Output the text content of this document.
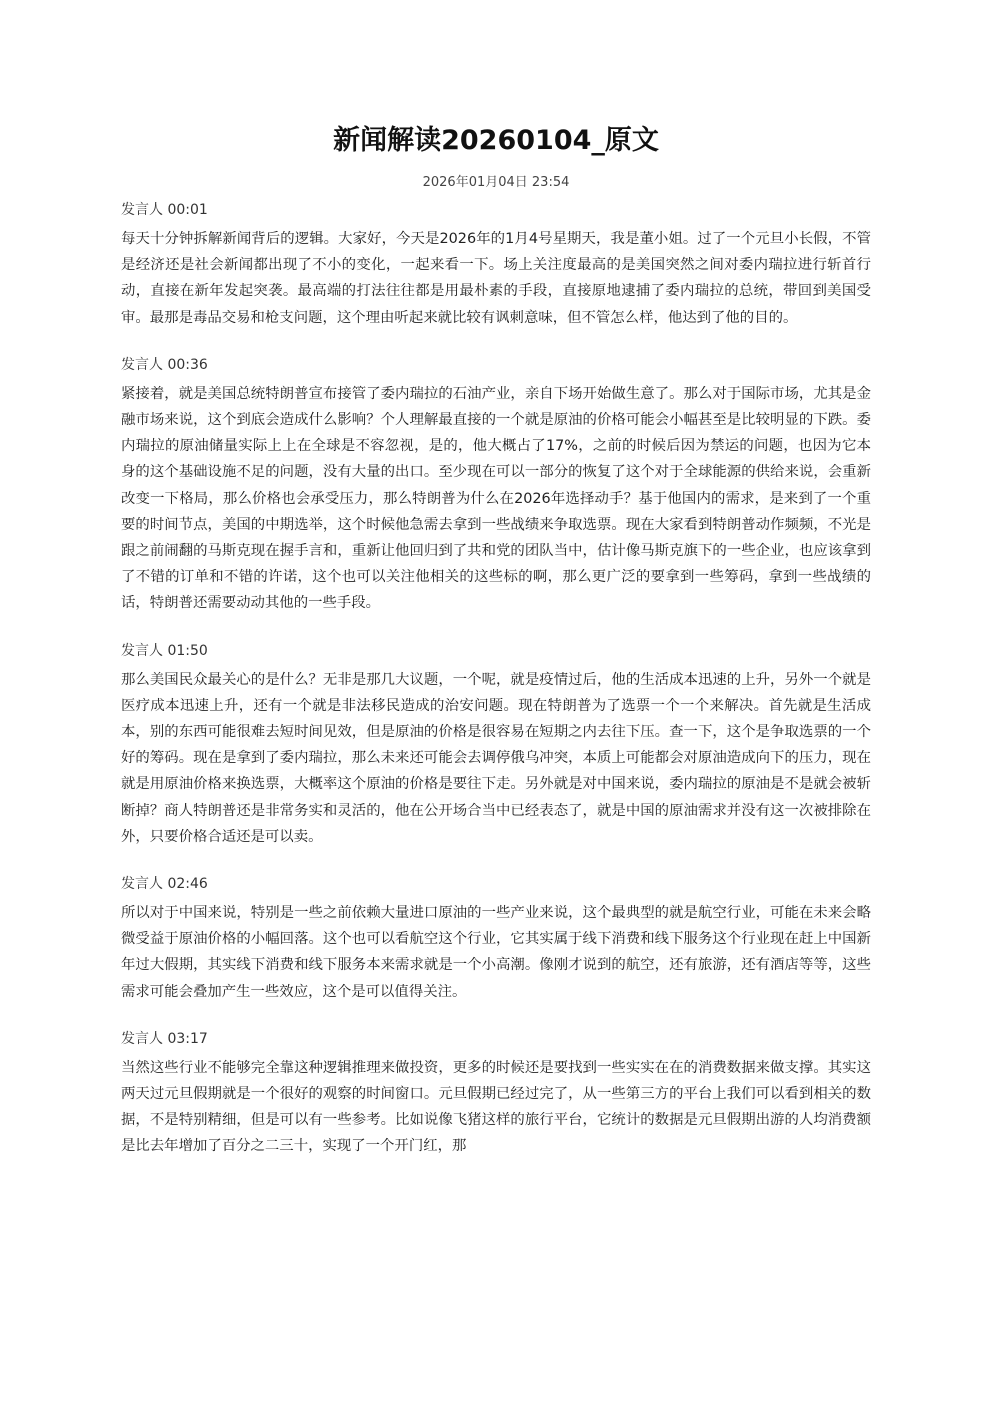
新闻解读20260104_原文
2026年01月04日 23:54
发言人 00:01

每天十分钟拆解新闻背后的逻辑。大家好，今天是2026年的1月4号星期天，我是董小姐。过了一个元旦小长假，不管是经济还是社会新闻都出现了不小的变化，一起来看一下。场上关注度最高的是美国突然之间对委内瑞拉进行斩首行动，直接在新年发起突袭。最高端的打法往往都是用最朴素的手段，直接原地逮捕了委内瑞拉的总统，带回到美国受审。最那是毒品交易和枪支问题，这个理由听起来就比较有讽刺意味，但不管怎么样，他达到了他的目的。

发言人 00:36

紧接着，就是美国总统特朗普宣布接管了委内瑞拉的石油产业，亲自下场开始做生意了。那么对于国际市场，尤其是金融市场来说，这个到底会造成什么影响？个人理解最直接的一个就是原油的价格可能会小幅甚至是比较明显的下跌。委内瑞拉的原油储量实际上上在全球是不容忽视，是的，他大概占了17%，之前的时候后因为禁运的问题，也因为它本身的这个基础设施不足的问题，没有大量的出口。至少现在可以一部分的恢复了这个对于全球能源的供给来说，会重新改变一下格局，那么价格也会承受压力，那么特朗普为什么在2026年选择动手？基于他国内的需求，是来到了一个重要的时间节点，美国的中期选举，这个时候他急需去拿到一些战绩来争取选票。现在大家看到特朗普动作频频，不光是跟之前闹翻的马斯克现在握手言和，重新让他回归到了共和党的团队当中，估计像马斯克旗下的一些企业，也应该拿到了不错的订单和不错的许诺，这个也可以关注他相关的这些标的啊，那么更广泛的要拿到一些筹码，拿到一些战绩的话，特朗普还需要动动其他的一些手段。

发言人 01:50

那么美国民众最关心的是什么？无非是那几大议题，一个呢，就是疫情过后，他的生活成本迅速的上升，另外一个就是医疗成本迅速上升，还有一个就是非法移民造成的治安问题。现在特朗普为了选票一个一个来解决。首先就是生活成本，别的东西可能很难去短时间见效，但是原油的价格是很容易在短期之内去往下压。查一下，这个是争取选票的一个好的筹码。现在是拿到了委内瑞拉，那么未来还可能会去调停俄乌冲突，本质上可能都会对原油造成向下的压力，现在就是用原油价格来换选票，大概率这个原油的价格是要往下走。另外就是对中国来说，委内瑞拉的原油是不是就会被斩断掉？商人特朗普还是非常务实和灵活的，他在公开场合当中已经表态了，就是中国的原油需求并没有这一次被排除在外，只要价格合适还是可以卖。

发言人 02:46

所以对于中国来说，特别是一些之前依赖大量进口原油的一些产业来说，这个最典型的就是航空行业，可能在未来会略微受益于原油价格的小幅回落。这个也可以看航空这个行业，它其实属于线下消费和线下服务这个行业现在赶上中国新年过大假期，其实线下消费和线下服务本来需求就是一个小高潮。像刚才说到的航空，还有旅游，还有酒店等等，这些需求可能会叠加产生一些效应，这个是可以值得关注。

发言人 03:17

当然这些行业不能够完全靠这种逻辑推理来做投资，更多的时候还是要找到一些实实在在的消费数据来做支撑。其实这两天过元旦假期就是一个很好的观察的时间窗口。元旦假期已经过完了，从一些第三方的平台上我们可以看到相关的数据，不是特别精细，但是可以有一些参考。比如说像飞猪这样的旅行平台，它统计的数据是元旦假期出游的人均消费额是比去年增加了百分之二三十，实现了一个开门红，那
